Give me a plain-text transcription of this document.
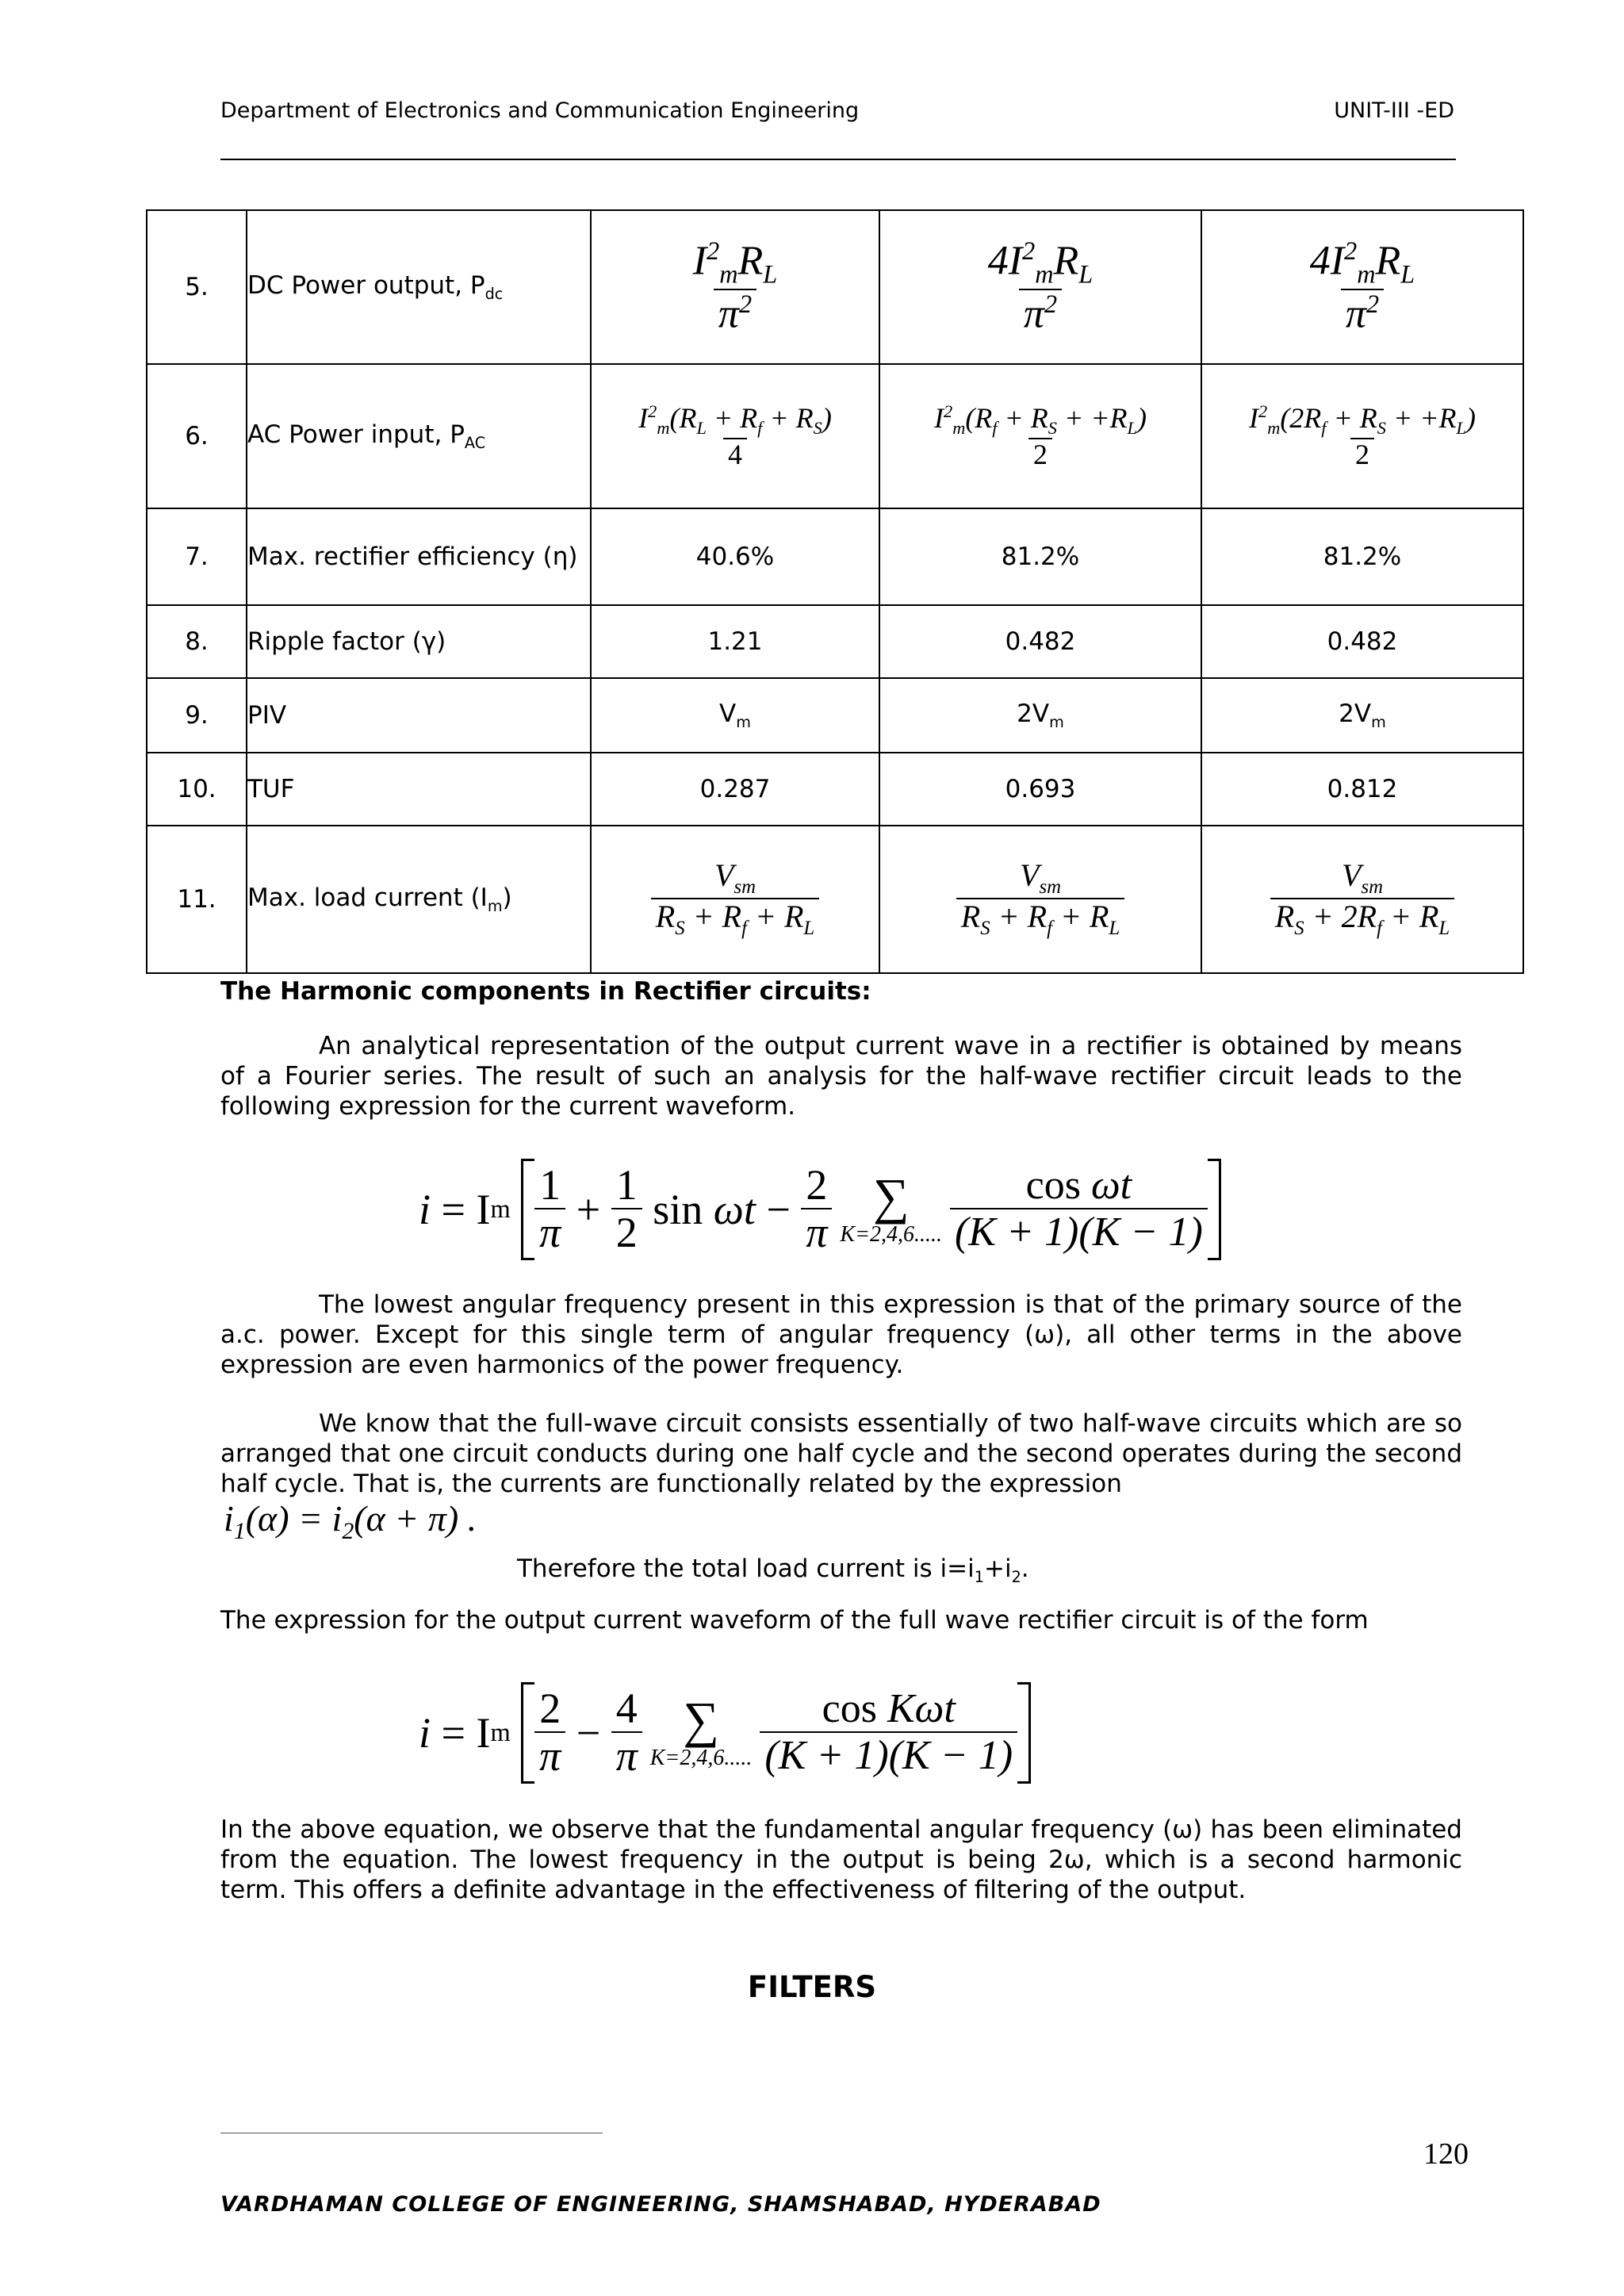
Department of Electronics and Communication Engineering	UNIT-III -ED
5.	DC Power output, $P_{dc}$	$\frac{I^2_mR_L}{\pi^2}$	$\frac{4I^2_mR_L}{\pi^2}$	$\frac{4I^2_mR_L}{\pi^2}$

6.	AC Power input, $P_{AC}$	$\frac{I^2_m(R_L + R_f + R_S)}{4}$	$\frac{I^2_m(R_f + R_S + +R_L)}{2}$	$\frac{I^2_m(2R_f + R_S + +R_L)}{2}$

7.	Max. rectifier efficiency (η)	40.6%	81.2%	81.2%
8.	Ripple factor (γ)	1.21	0.482	0.482
9.	PIV	$V_m$	$2V_m$	$2V_m$
10.	TUF	0.287	0.693	0.812
11.	Max. load current $(I_m)$	$\frac{V_{sm}}{R_S + R_f + R_L}$	$\frac{V_{sm}}{R_S + R_f + R_L}$	$\frac{V_{sm}}{R_S + 2R_f + R_L}$
The Harmonic components in Rectifier circuits:
An analytical representation of the output current wave in a rectifier is obtained by means of a Fourier series. The result of such an analysis for the half-wave rectifier circuit leads to the following expression for the current waveform.
i = I m
$\frac{1}{\pi} + \frac{1}{2}$ $\sin \omega t - \frac{2}{\pi}$ ∑
K=2,4,6..... $\frac{\text{cos ωt}}{(K + 1)(K - 1)}$
The lowest angular frequency present in this expression is that of the primary source of the a.c. power. Except for this single term of angular frequency (ω), all other terms in the above expression are even harmonics of the power frequency.
We know that the full-wave circuit consists essentially of two half-wave circuits which are so arranged that one circuit conducts during one half cycle and the second operates during the second half cycle. That is, the currents are functionally related by the expression
$i_1(\alpha) = i_2(\alpha + \pi)$ .
Therefore the total load current is $i=i_1+i_2$.
The expression for the output current waveform of the full wave rectifier circuit is of the form
i = I m
$\frac{2}{\pi} - \frac{4}{\pi}$ ∑
K=2,4,6..... $\frac{\text{cos Kωt}}{(K + 1)(K - 1)}$
In the above equation, we observe that the fundamental angular frequency (ω) has been eliminated from the equation. The lowest frequency in the output is being 2ω, which is a second harmonic term. This offers a definite advantage in the effectiveness of filtering of the output.
FILTERS
120
VARDHAMAN COLLEGE OF ENGINEERING, SHAMSHABAD, HYDERABAD
